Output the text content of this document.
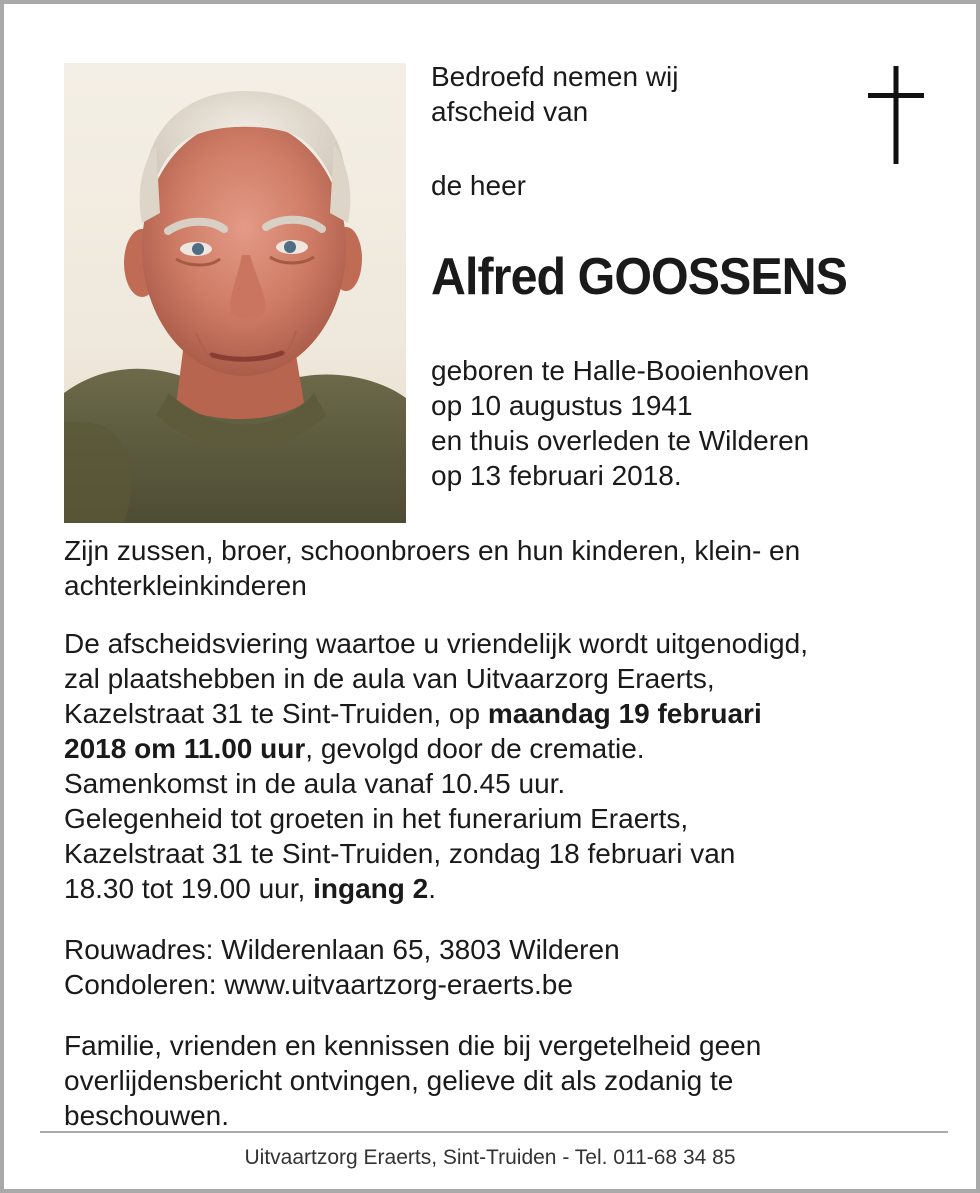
Bedroefd nemen wij

afscheid van

de heer

Alfred GOOSSENS

geboren te Halle-Booienhoven

op 10 augustus 1941

en thuis overleden te Wilderen

op 13 februari 2018.

Zijn zussen, broer, schoonbroers en hun kinderen, klein- en

achterkleinkinderen

De afscheidsviering waartoe u vriendelijk wordt uitgenodigd,

zal plaatshebben in de aula van Uitvaarzorg Eraerts,

Kazelstraat 31 te Sint-Truiden, op maandag 19 februari

2018 om 11.00 uur, gevolgd door de crematie.

Samenkomst in de aula vanaf 10.45 uur.

Gelegenheid tot groeten in het funerarium Eraerts,

Kazelstraat 31 te Sint-Truiden, zondag 18 februari van

18.30 tot 19.00 uur, ingang 2.

Rouwadres: Wilderenlaan 65, 3803 Wilderen

Condoleren: www.uitvaartzorg-eraerts.be

Familie, vrienden en kennissen die bij vergetelheid geen

overlijdensbericht ontvingen, gelieve dit als zodanig te

beschouwen.

Uitvaartzorg Eraerts, Sint-Truiden - Tel. 011-68 34 85
